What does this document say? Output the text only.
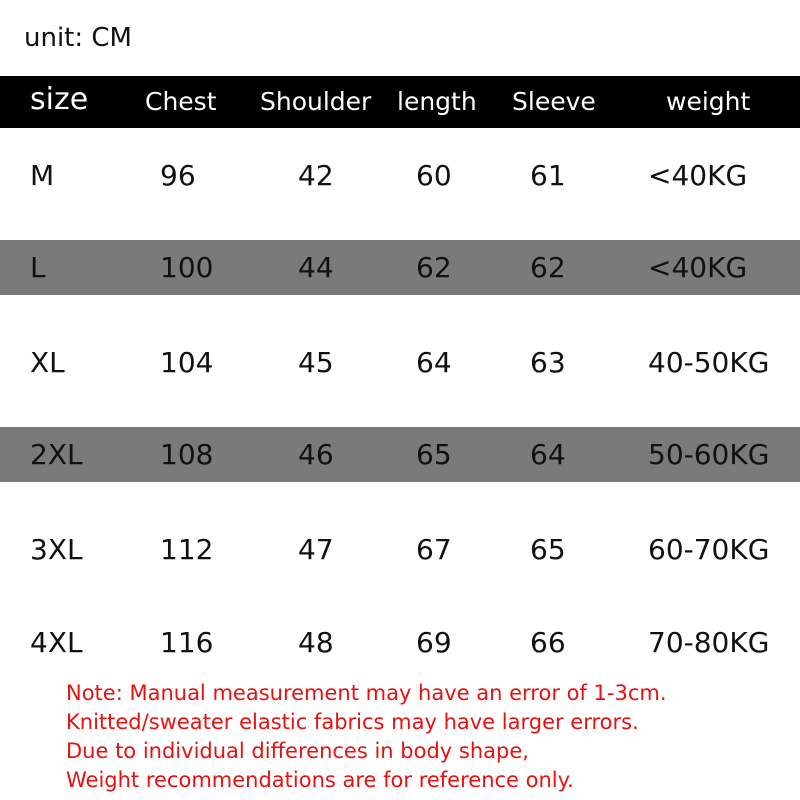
unit: CM
size Chest Shoulder length Sleeve	weight
M	96	42	60	61	<40KG
L	100	44	62	62	<40KG
XL	104	45	64	63	40-50KG
2XL	108	46	65	64	50-60KG
3XL	112	47	67	65	60-70KG
4XL	116	48	69	66	70-80KG
Note: Manual measurement may have an error of 1-3cm.
Knitted/sweater elastic fabrics may have larger errors.
Due to individual differences in body shape,
Weight recommendations are for reference only.
